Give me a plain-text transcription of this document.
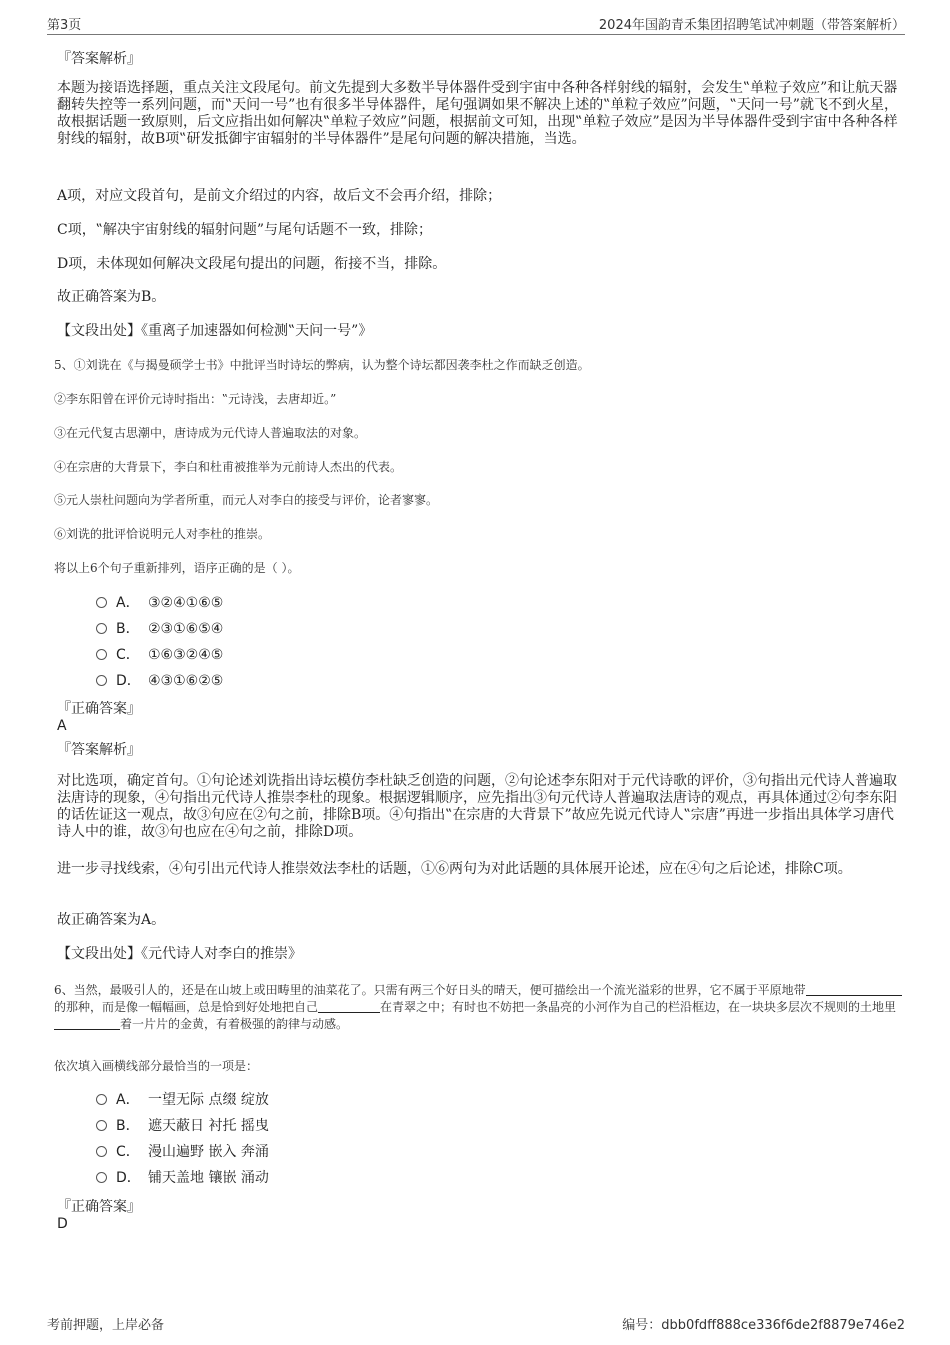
第3页	2024年国韵青禾集团招聘笔试冲刺题（带答案解析）
『答案解析』
本题为接语选择题，重点关注文段尾句。前文先提到大多数半导体器件受到宇宙中各种各样射线的辐射，会发生‟单粒子效应”和让航天器翻转失控等一系列问题，而‟天问一号”也有很多半导体器件，尾句强调如果不解决上述的‟单粒子效应”问题，‟天问一号”就飞不到火星，故根据话题一致原则，后文应指出如何解决‟单粒子效应”问题，根据前文可知，出现‟单粒子效应”是因为半导体器件受到宇宙中各种各样射线的辐射，故B项‟研发抵御宇宙辐射的半导体器件”是尾句问题的解决措施，当选。
A项，对应文段首句，是前文介绍过的内容，故后文不会再介绍，排除；
C项，‟解决宇宙射线的辐射问题”与尾句话题不一致，排除；
D项，未体现如何解决文段尾句提出的问题，衔接不当，排除。
故正确答案为B。
【文段出处】《重离子加速器如何检测‟天问一号”》
5、①刘诜在《与揭曼硕学士书》中批评当时诗坛的弊病，认为整个诗坛都因袭李杜之作而缺乏创造。
②李东阳曾在评价元诗时指出：‟元诗浅，去唐却近。”
③在元代复古思潮中，唐诗成为元代诗人普遍取法的对象。
④在宗唐的大背景下，李白和杜甫被推举为元前诗人杰出的代表。
⑤元人崇杜问题向为学者所重，而元人对李白的接受与评价，论者寥寥。
⑥刘诜的批评恰说明元人对李杜的推崇。
将以上6个句子重新排列，语序正确的是（ ）。
A． ③②④①⑥⑤
B． ②③①⑥⑤④
C． ①⑥③②④⑤
D． ④③①⑥②⑤
『正确答案』
A
『答案解析』
对比选项，确定首句。①句论述刘诜指出诗坛模仿李杜缺乏创造的问题，②句论述李东阳对于元代诗歌的评价，③句指出元代诗人普遍取法唐诗的现象，④句指出元代诗人推崇李杜的现象。根据逻辑顺序，应先指出③句元代诗人普遍取法唐诗的观点，再具体通过②句李东阳的话佐证这一观点，故③句应在②句之前，排除B项。④句指出‟在宗唐的大背景下”故应先说元代诗人‟宗唐”再进一步指出具体学习唐代诗人中的谁，故③句也应在④句之前，排除D项。
进一步寻找线索，④句引出元代诗人推崇效法李杜的话题，①⑥两句为对此话题的具体展开论述，应在④句之后论述，排除C项。
故正确答案为A。
【文段出处】《元代诗人对李白的推崇》
6、当然，最吸引人的，还是在山坡上或田畴里的油菜花了。只需有两三个好日头的晴天，便可描绘出一个流光溢彩的世界，它不属于平原地带的那种，而是像一幅幅画，总是恰到好处地把自己	在青翠之中；有时也不妨把一条晶亮的小河作为自己的栏沿框边，在一块块多层次不规则的土地里着一片片的金黄，有着极强的韵律与动感。
依次填入画横线部分最恰当的一项是：
A． 一望无际 点缀 绽放
B． 遮天蔽日 衬托 摇曳
C． 漫山遍野 嵌入 奔涌
D． 铺天盖地 镶嵌 涌动
『正确答案』
D
考前押题，上岸必备	编号：dbb0fdff888ce336f6de2f8879e746e2
